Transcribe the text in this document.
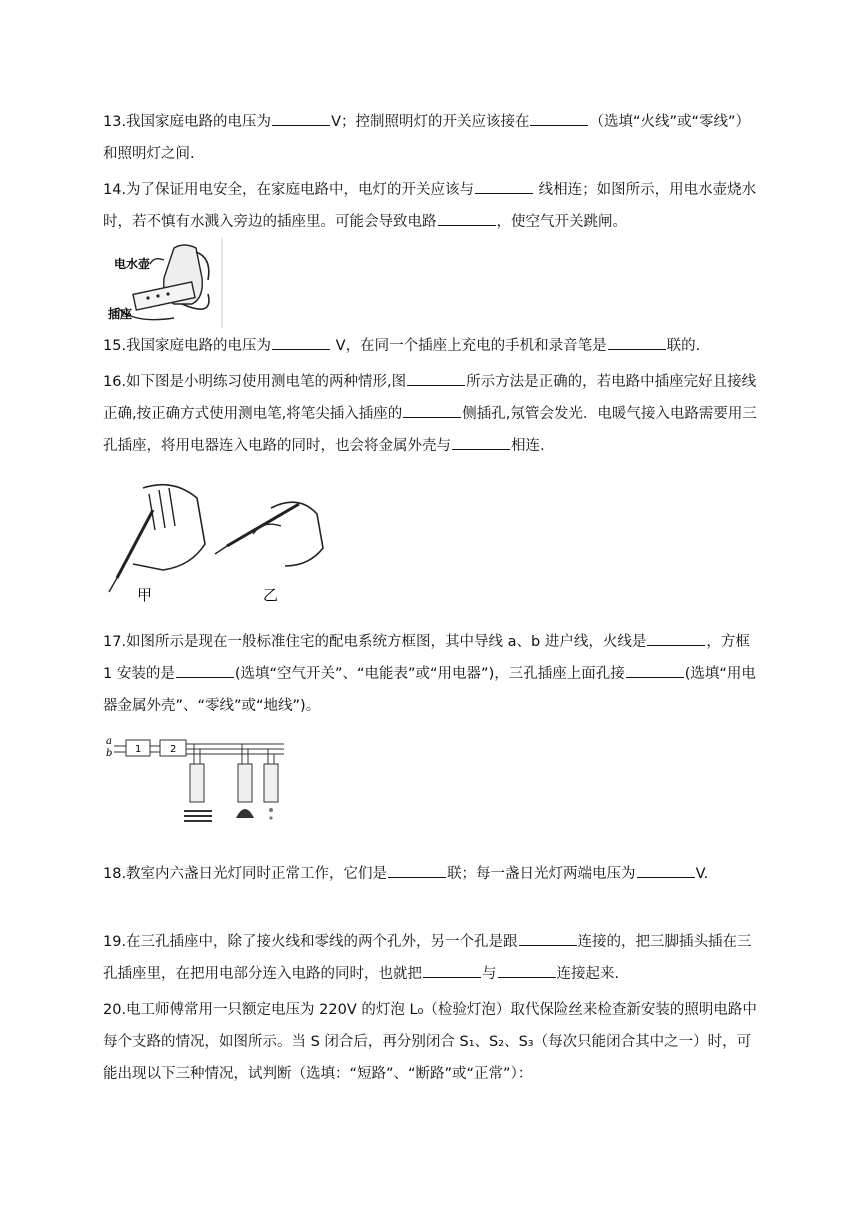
13.我国家庭电路的电压为	V；控制照明灯的开关应该接在	（选填“火线”或“零线”）和照明灯之间.

14.为了保证用电安全，在家庭电路中，电灯的开关应该与	线相连；如图所示，用电水壶烧水时，若不慎有水溅入旁边的插座里。可能会导致电路	，使空气开关跳闸。

电水壶
插座

15.我国家庭电路的电压为	V，在同一个插座上充电的手机和录音笔是	联的.

16.如下图是小明练习使用测电笔的两种情形,图	所示方法是正确的，若电路中插座完好且接线正确,按正确方式使用测电笔,将笔尖插入插座的	侧插孔,氖管会发光．电暖气接入电路需要用三孔插座，将用电器连入电路的同时，也会将金属外壳与	相连.

甲	乙

17.如图所示是现在一般标准住宅的配电系统方框图，其中导线 a、b 进户线，火线是	，方框 1 安装的是	(选填“空气开关”、“电能表”或“用电器”)，三孔插座上面孔接	(选填“用电器金属外壳”、“零线”或“地线”)。

a
b 1	2

18.教室内六盏日光灯同时正常工作，它们是	联；每一盏日光灯两端电压为	V.

19.在三孔插座中，除了接火线和零线的两个孔外，另一个孔是跟	连接的，把三脚插头插在三孔插座里，在把用电部分连入电路的同时，也就把	与	连接起来.

20.电工师傅常用一只额定电压为 220V 的灯泡 L₀（检验灯泡）取代保险丝来检查新安装的照明电路中每个支路的情况，如图所示。当 S 闭合后，再分别闭合 S₁、S₂、S₃（每次只能闭合其中之一）时，可能出现以下三种情况，试判断（选填：“短路”、“断路”或“正常”）：
